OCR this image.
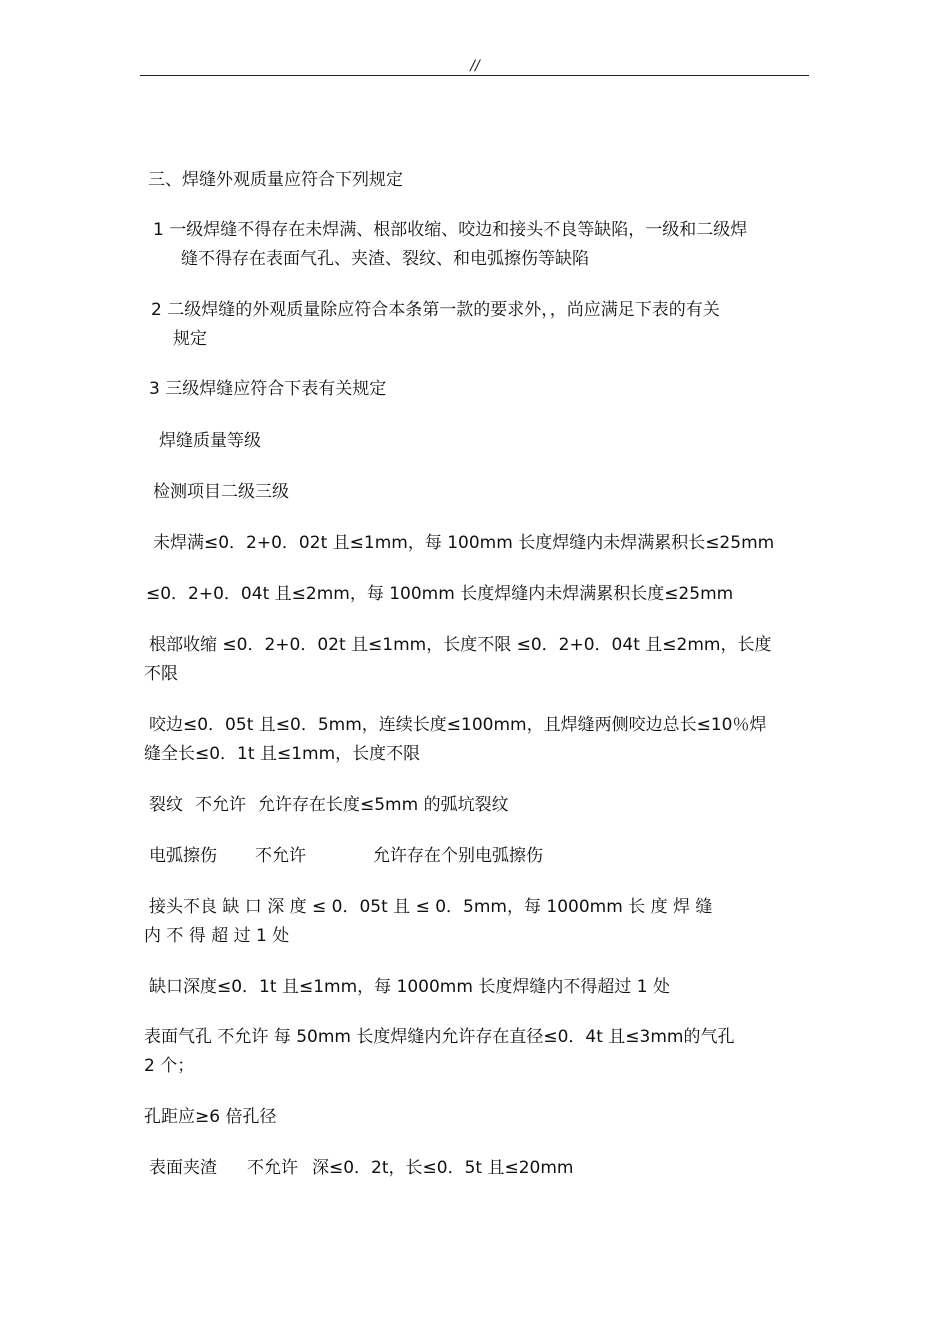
//
三、焊缝外观质量应符合下列规定
1 一级焊缝不得存在未焊满、根部收缩、咬边和接头不良等缺陷，一级和二级焊
缝不得存在表面气孔、夹渣、裂纹、和电弧擦伤等缺陷
2 二级焊缝的外观质量除应符合本条第一款的要求外，，尚应满足下表的有关
规定
3 三级焊缝应符合下表有关规定
焊缝质量等级
检测项目二级三级
未焊满≤0．2+0．02t 且≤1mm，每 100mm 长度焊缝内未焊满累积长≤25mm
≤0．2+0．04t 且≤2mm，每 100mm 长度焊缝内未焊满累积长度≤25mm
根部收缩 ≤0．2+0．02t 且≤1mm，长度不限 ≤0．2+0．04t 且≤2mm，长度
不限
咬边≤0．05t 且≤0．5mm，连续长度≤100mm，且焊缝两侧咬边总长≤10％焊
缝全长≤0．1t 且≤1mm，长度不限
裂纹 不允许 允许存在长度≤5mm 的弧坑裂纹
电弧擦伤 不允许	允许存在个别电弧擦伤
接头不良 缺 口 深 度 ≤ 0．05t 且 ≤ 0．5mm，每 1000mm 长 度 焊 缝
内 不 得 超 过 1 处
缺口深度≤0．1t 且≤1mm，每 1000mm 长度焊缝内不得超过 1 处
表面气孔 不允许 每 50mm 长度焊缝内允许存在直径≤0．4t 且≤3mm的气孔
2 个；
孔距应≥6 倍孔径
表面夹渣 不允许 深≤0．2t，长≤0．5t 且≤20mm
